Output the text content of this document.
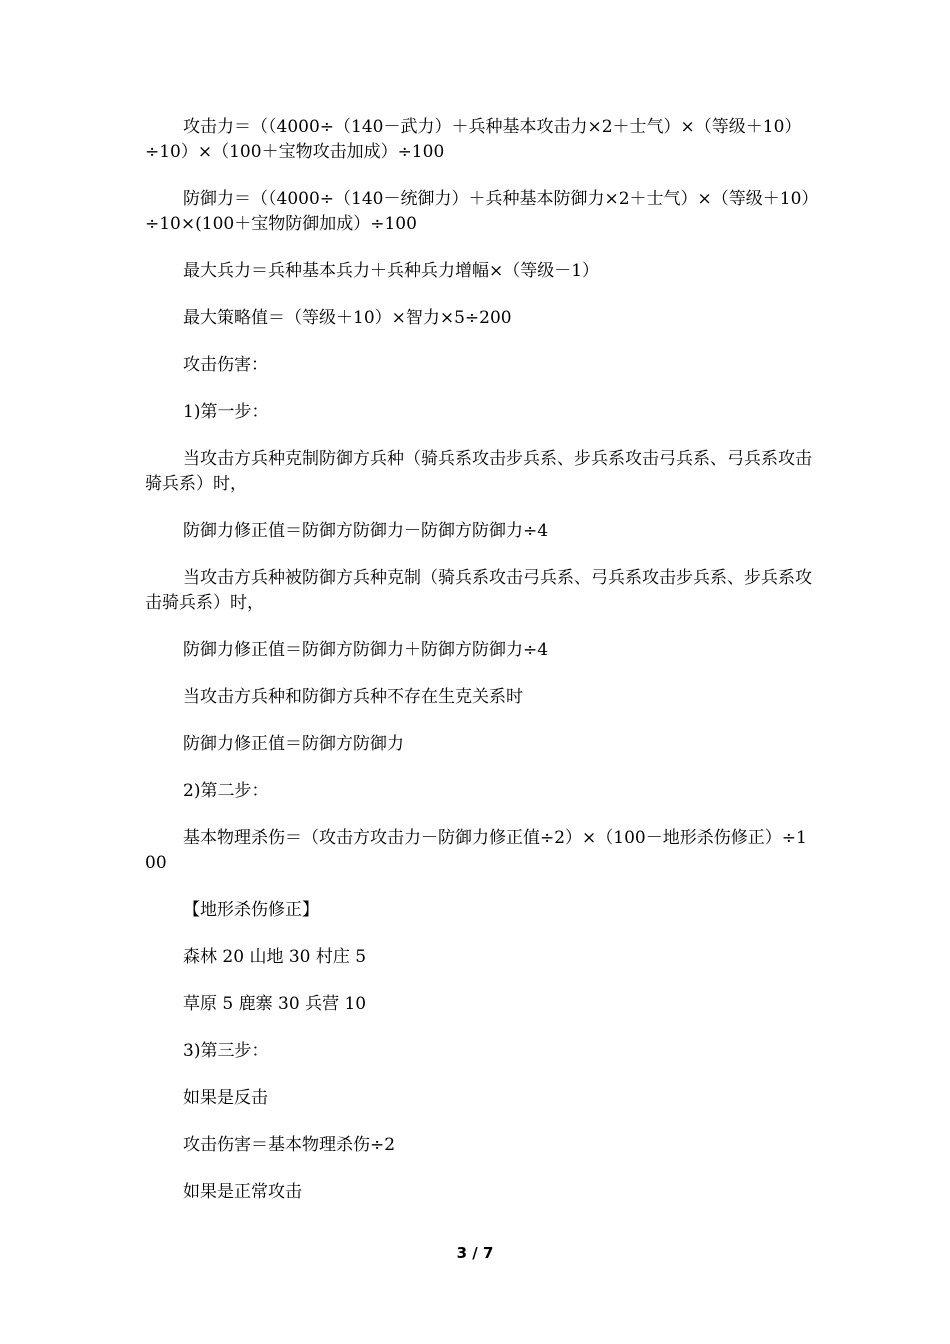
攻击力＝（（4000÷（140－武力）＋兵种基本攻击力×2＋士气）×（等级＋10）÷10）×（100＋宝物攻击加成）÷100

防御力＝（（4000÷（140－统御力）＋兵种基本防御力×2＋士气）×（等级＋10）÷10×(100＋宝物防御加成）÷100

最大兵力＝兵种基本兵力＋兵种兵力增幅×（等级－1）

最大策略值＝（等级＋10）×智力×5÷200

攻击伤害：

1)第一步：

当攻击方兵种克制防御方兵种（骑兵系攻击步兵系、步兵系攻击弓兵系、弓兵系攻击骑兵系）时，

防御力修正值＝防御方防御力－防御方防御力÷4

当攻击方兵种被防御方兵种克制（骑兵系攻击弓兵系、弓兵系攻击步兵系、步兵系攻击骑兵系）时，

防御力修正值＝防御方防御力＋防御方防御力÷4

当攻击方兵种和防御方兵种不存在生克关系时

防御力修正值＝防御方防御力

2)第二步：

基本物理杀伤＝（攻击方攻击力－防御力修正值÷2）×（100－地形杀伤修正）÷100

【地形杀伤修正】

森林 20 山地 30 村庄 5

草原 5 鹿寨 30 兵营 10

3)第三步：

如果是反击

攻击伤害＝基本物理杀伤÷2

如果是正常攻击

3 / 7
